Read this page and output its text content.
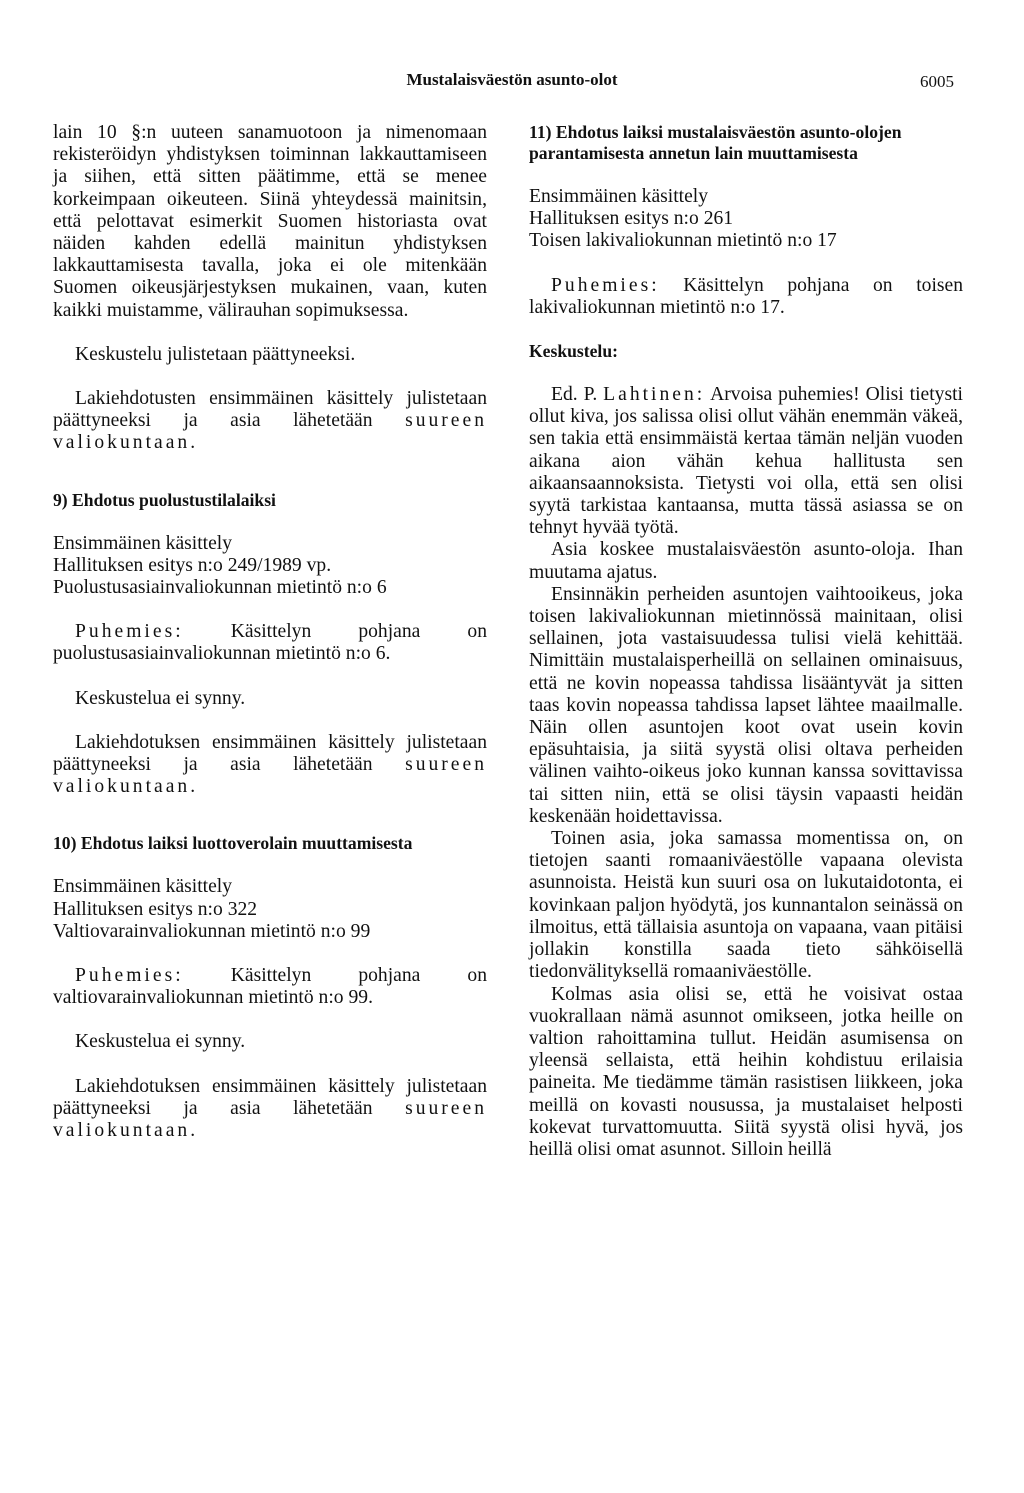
Mustalaisväestön asunto-olot	6005

lain 10 §:n uuteen sanamuotoon ja nimenomaan rekisteröidyn yhdistyksen toiminnan lakkauttamiseen ja siihen, että sitten päätimme, että se menee korkeimpaan oikeuteen. Siinä yhteydessä mainitsin, että pelottavat esimerkit Suomen historiasta ovat näiden kahden edellä mainitun yhdistyksen lakkauttamisesta tavalla, joka ei ole mitenkään Suomen oikeusjärjestyksen mukainen, vaan, kuten kaikki muistamme, välirauhan sopimuksessa.

Keskustelu julistetaan päättyneeksi.

Lakiehdotusten ensimmäinen käsittely julistetaan päättyneeksi ja asia lähetetään suureen valiokuntaan.

9) Ehdotus puolustustilalaiksi

Ensimmäinen käsittely

Hallituksen esitys n:o 249/1989 vp.

Puolustusasiainvaliokunnan mietintö n:o 6

Puhemies: Käsittelyn pohjana on puolustusasiainvaliokunnan mietintö n:o 6.

Keskustelua ei synny.

Lakiehdotuksen ensimmäinen käsittely julistetaan päättyneeksi ja asia lähetetään suureen valiokuntaan.

10) Ehdotus laiksi luottoverolain muuttamisesta

Ensimmäinen käsittely

Hallituksen esitys n:o 322

Valtiovarainvaliokunnan mietintö n:o 99

Puhemies: Käsittelyn pohjana on valtiovarainvaliokunnan mietintö n:o 99.

Keskustelua ei synny.

Lakiehdotuksen ensimmäinen käsittely julistetaan päättyneeksi ja asia lähetetään suureen valiokuntaan.

11) Ehdotus laiksi mustalaisväestön asunto-olojen parantamisesta annetun lain muuttamisesta

Ensimmäinen käsittely

Hallituksen esitys n:o 261

Toisen lakivaliokunnan mietintö n:o 17

Puhemies: Käsittelyn pohjana on toisen lakivaliokunnan mietintö n:o 17.

Keskustelu:

Ed. P. Lahtinen: Arvoisa puhemies! Olisi tietysti ollut kiva, jos salissa olisi ollut vähän enemmän väkeä, sen takia että ensimmäistä kertaa tämän neljän vuoden aikana aion vähän kehua hallitusta sen aikaansaannoksista. Tietysti voi olla, että sen olisi syytä tarkistaa kantaansa, mutta tässä asiassa se on tehnyt hyvää työtä.

Asia koskee mustalaisväestön asunto-oloja. Ihan muutama ajatus.

Ensinnäkin perheiden asuntojen vaihtooikeus, joka toisen lakivaliokunnan mietinnössä mainitaan, olisi sellainen, jota vastaisuudessa tulisi vielä kehittää. Nimittäin mustalaisperheillä on sellainen ominaisuus, että ne kovin nopeassa tahdissa lisääntyvät ja sitten taas kovin nopeassa tahdissa lapset lähtee maailmalle. Näin ollen asuntojen koot ovat usein kovin epäsuhtaisia, ja siitä syystä olisi oltava perheiden välinen vaihto-oikeus joko kunnan kanssa sovittavissa tai sitten niin, että se olisi täysin vapaasti heidän keskenään hoidettavissa.

Toinen asia, joka samassa momentissa on, on tietojen saanti romaaniväestölle vapaana olevista asunnoista. Heistä kun suuri osa on lukutaidotonta, ei kovinkaan paljon hyödytä, jos kunnantalon seinässä on ilmoitus, että tällaisia asuntoja on vapaana, vaan pitäisi jollakin konstilla saada tieto sähköisellä tiedonvälityksellä romaaniväestölle.

Kolmas asia olisi se, että he voisivat ostaa vuokrallaan nämä asunnot omikseen, jotka heille on valtion rahoittamina tullut. Heidän asumisensa on yleensä sellaista, että heihin kohdistuu erilaisia paineita. Me tiedämme tämän rasistisen liikkeen, joka meillä on kovasti nousussa, ja mustalaiset helposti kokevat turvattomuutta. Siitä syystä olisi hyvä, jos heillä olisi omat asunnot. Silloin heillä
